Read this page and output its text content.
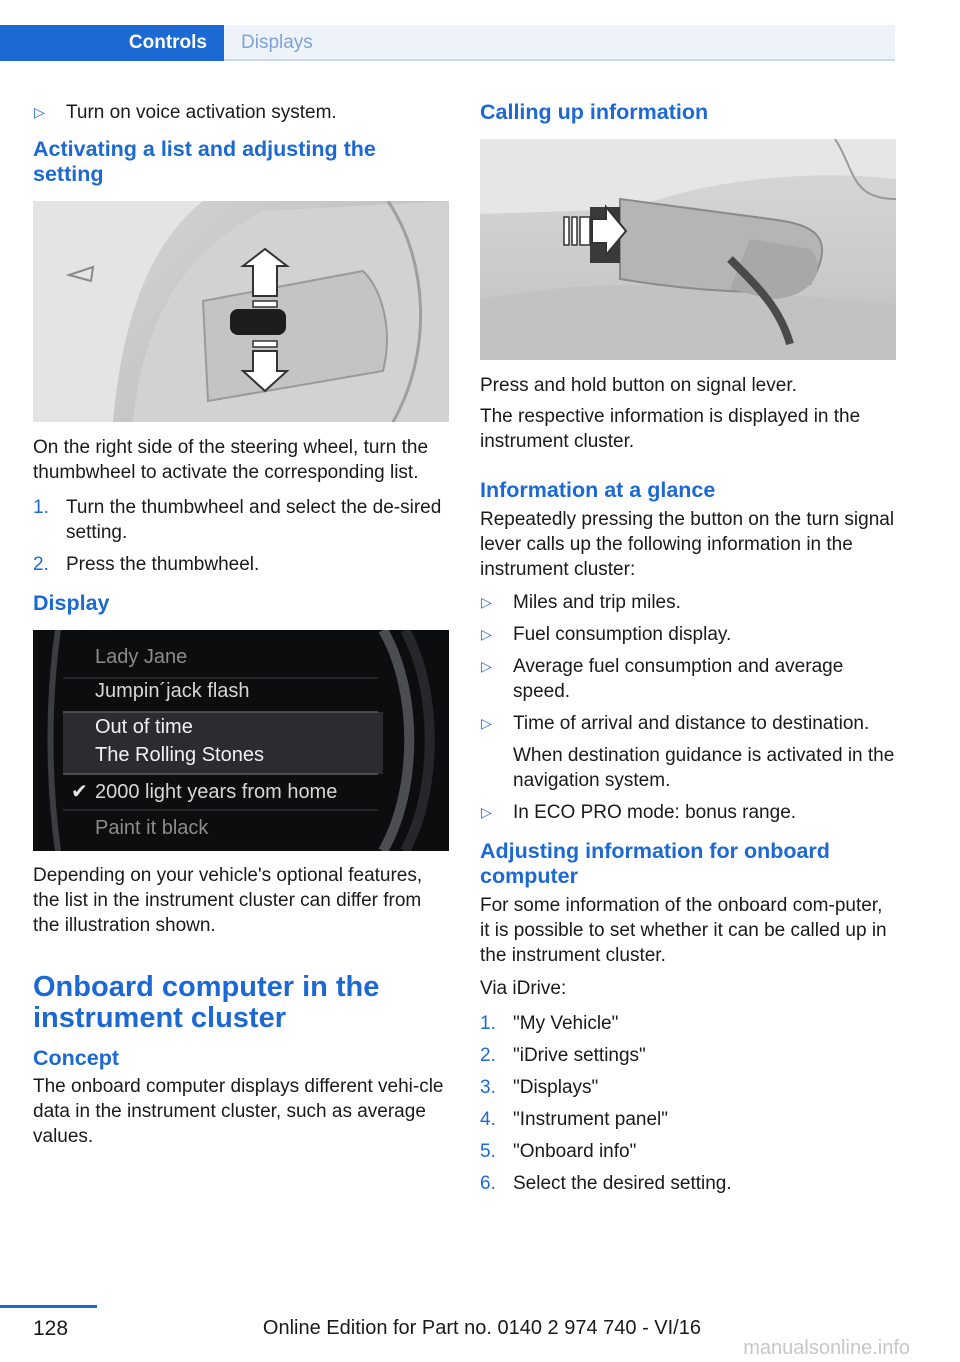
Controls	Displays
▷ Turn on voice activation system.
Activating a list and adjusting the setting

On the right side of the steering wheel, turn the thumbwheel to activate the corresponding list.

1. Turn the thumbwheel and select the de‐sired setting.
2. Press the thumbwheel.
Display
Lady Jane
Jumpin´jack flash
Out of time
The Rolling Stones
✔ 2000 light years from home
Paint it black

Depending on your vehicle's optional features, the list in the instrument cluster can differ from the illustration shown.

Onboard computer in the instrument cluster
Concept

The onboard computer displays different vehi‐cle data in the instrument cluster, such as average values.

Calling up information

Press and hold button on signal lever.

The respective information is displayed in the instrument cluster.

Information at a glance

Repeatedly pressing the button on the turn signal lever calls up the following information in the instrument cluster:

▷ Miles and trip miles.
▷ Fuel consumption display.
▷ Average fuel consumption and average speed.
▷ Time of arrival and distance to destination.
When destination guidance is activated in the navigation system.
▷ In ECO PRO mode: bonus range.
Adjusting information for onboard computer

For some information of the onboard com‐puter, it is possible to set whether it can be called up in the instrument cluster.

Via iDrive:

1. "My Vehicle"
2. "iDrive settings"
3. "Displays"
4. "Instrument panel"
5. "Onboard info"
6. Select the desired setting.
128	Online Edition for Part no. 0140 2 974 740 - VI/16
manualsonline.info
